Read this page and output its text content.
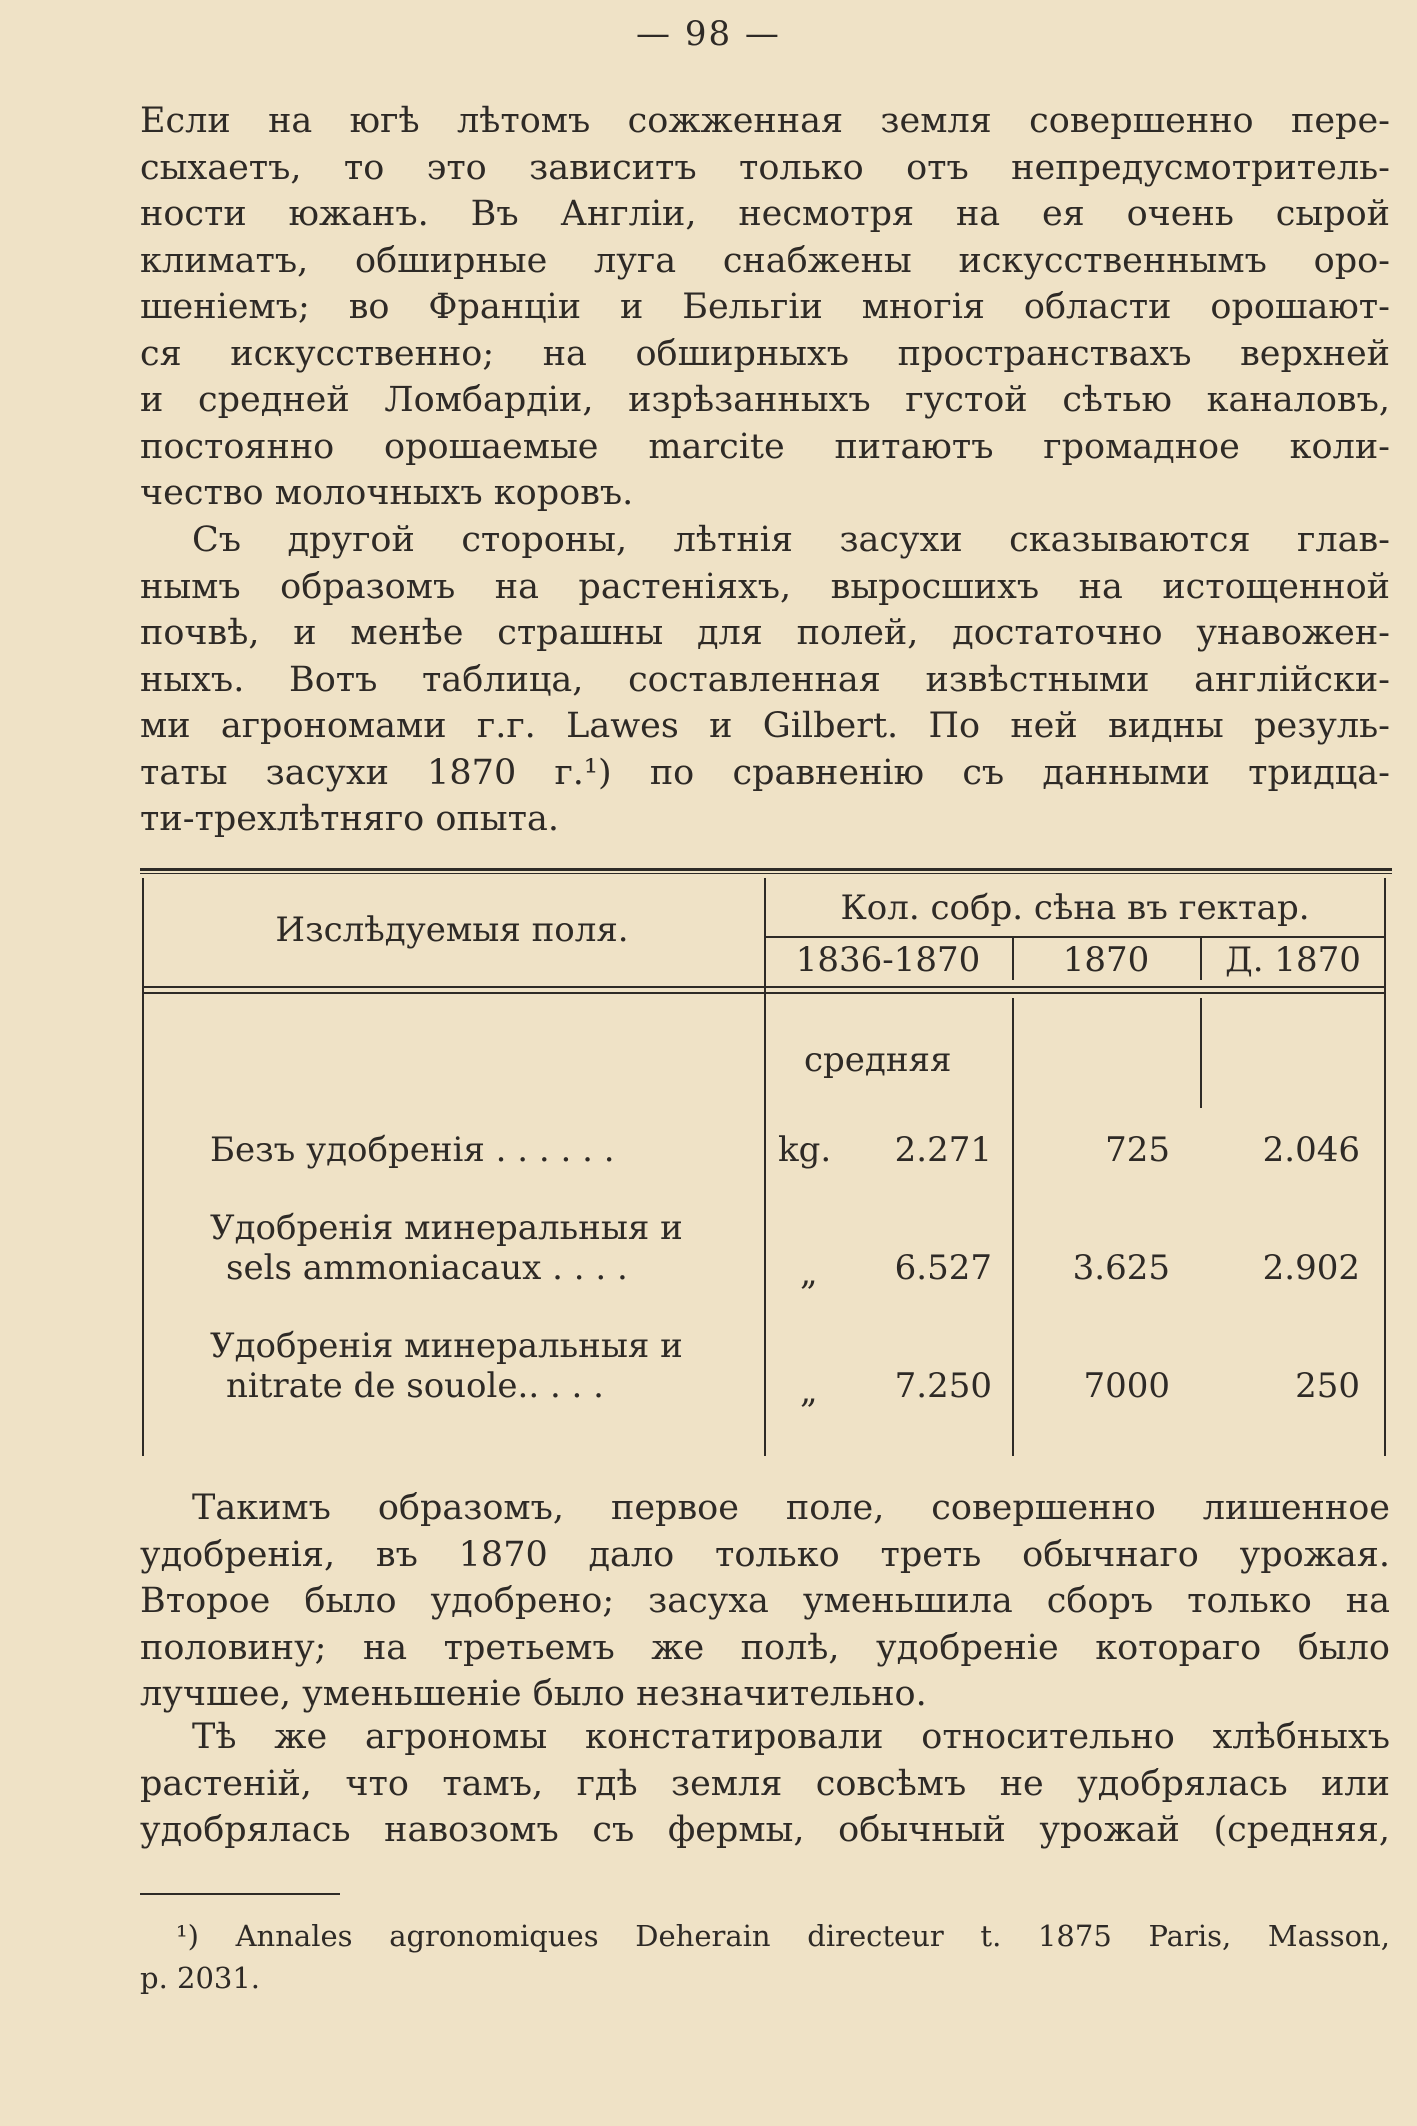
— 98 —
Если на югѣ лѣтомъ сожженная земля совершенно пере-
сыхаетъ, то это зависитъ только отъ непредусмотритель-
ности южанъ. Въ Англіи, несмотря на ея очень сырой
климатъ, обширные луга снабжены искусственнымъ оро-
шеніемъ; во Франціи и Бельгіи многія области орошают-
ся искусственно; на обширныхъ пространствахъ верхней
и средней Ломбардіи, изрѣзанныхъ густой сѣтью каналовъ,
постоянно орошаемые marcite питаютъ громадное коли-
чество молочныхъ коровъ.
Съ другой стороны, лѣтнія засухи сказываются глав-
нымъ образомъ на растеніяхъ, выросшихъ на истощенной
почвѣ, и менѣе страшны для полей, достаточно унавожен-
ныхъ. Вотъ таблица, составленная извѣстными англійски-
ми агрономами г.г. Lawes и Gilbert. По ней видны резуль-
таты засухи 1870 г.¹) по сравненію съ данными тридца-
ти-трехлѣтняго опыта.
Изслѣдуемыя поля.
Кол. собр. сѣна въ гектар.
1836-1870	1870	Д. 1870
средняя
Безъ удобренія . . . . . .	kg.	2.271	725	2.046
Удобренія минеральныя и
sels ammoniacaux . . . .	„	6.527	3.625	2.902
Удобренія минеральныя и
nitrate de souole.. . . .	„	7.250	7000	250
Такимъ образомъ, первое поле, совершенно лишенное
удобренія, въ 1870 дало только треть обычнаго урожая.
Второе было удобрено; засуха уменьшила сборъ только на
половину; на третьемъ же полѣ, удобреніе котораго было
лучшее, уменьшеніе было незначительно.
Тѣ же агрономы констатировали относительно хлѣбныхъ
растеній, что тамъ, гдѣ земля совсѣмъ не удобрялась или
удобрялась навозомъ съ фермы, обычный урожай (средняя,
¹) Annales agronomiques Deherain directeur t. 1875 Paris, Masson,
p. 2031.
